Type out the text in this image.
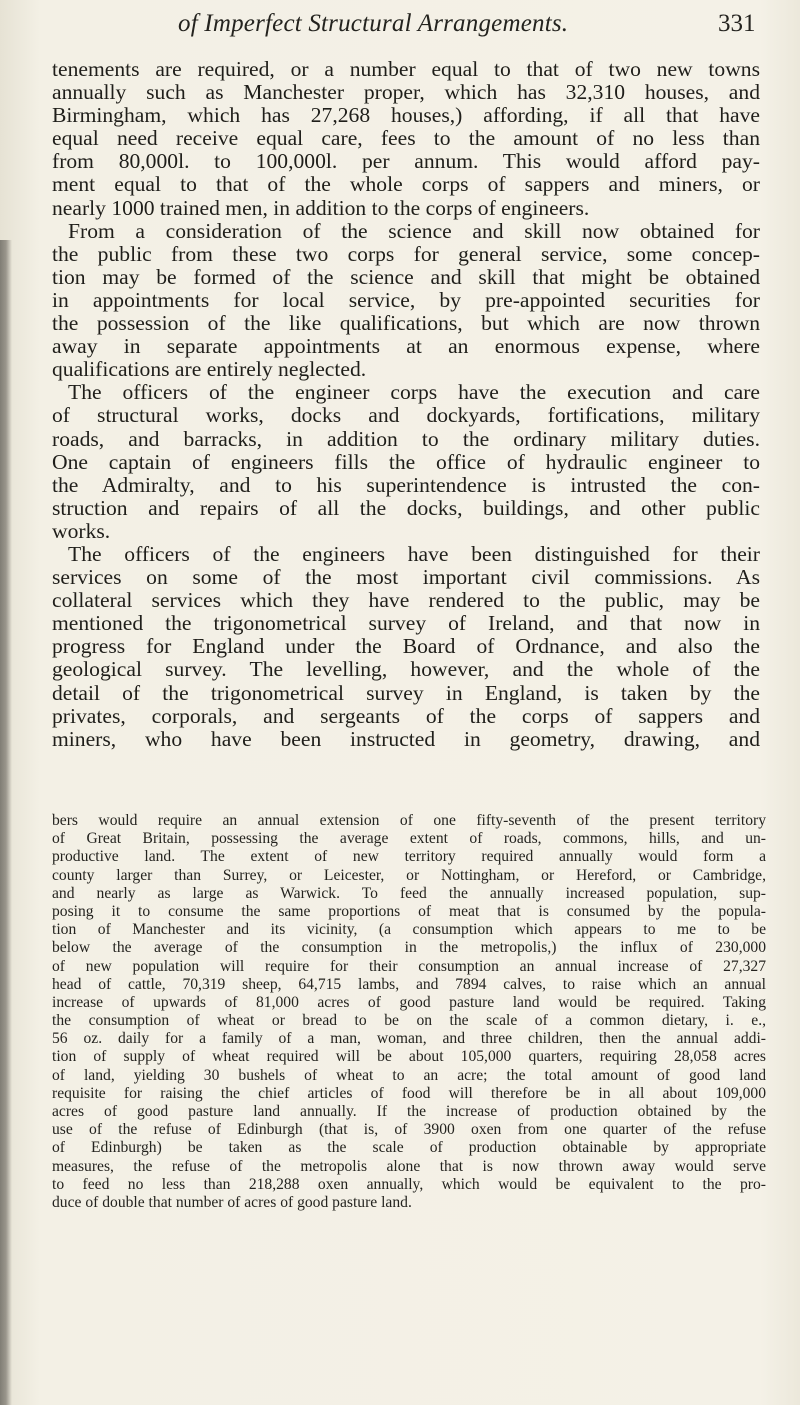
of Imperfect Structural Arrangements.	331
tenements are required, or a number equal to that of two new towns
annually such as Manchester proper, which has 32,310 houses, and
Birmingham, which has 27,268 houses,) affording, if all that have
equal need receive equal care, fees to the amount of no less than
from 80,000l. to 100,000l. per annum. This would afford pay-
ment equal to that of the whole corps of sappers and miners, or
nearly 1000 trained men, in addition to the corps of engineers.
From a consideration of the science and skill now obtained for
the public from these two corps for general service, some concep-
tion may be formed of the science and skill that might be obtained
in appointments for local service, by pre-appointed securities for
the possession of the like qualifications, but which are now thrown
away in separate appointments at an enormous expense, where
qualifications are entirely neglected.
The officers of the engineer corps have the execution and care
of structural works, docks and dockyards, fortifications, military
roads, and barracks, in addition to the ordinary military duties.
One captain of engineers fills the office of hydraulic engineer to
the Admiralty, and to his superintendence is intrusted the con-
struction and repairs of all the docks, buildings, and other public
works.
The officers of the engineers have been distinguished for their
services on some of the most important civil commissions. As
collateral services which they have rendered to the public, may be
mentioned the trigonometrical survey of Ireland, and that now in
progress for England under the Board of Ordnance, and also the
geological survey. The levelling, however, and the whole of the
detail of the trigonometrical survey in England, is taken by the
privates, corporals, and sergeants of the corps of sappers and
miners, who have been instructed in geometry, drawing, and
bers would require an annual extension of one fifty-seventh of the present territory
of Great Britain, possessing the average extent of roads, commons, hills, and un-
productive land. The extent of new territory required annually would form a
county larger than Surrey, or Leicester, or Nottingham, or Hereford, or Cambridge,
and nearly as large as Warwick. To feed the annually increased population, sup-
posing it to consume the same proportions of meat that is consumed by the popula-
tion of Manchester and its vicinity, (a consumption which appears to me to be
below the average of the consumption in the metropolis,) the influx of 230,000
of new population will require for their consumption an annual increase of 27,327
head of cattle, 70,319 sheep, 64,715 lambs, and 7894 calves, to raise which an annual
increase of upwards of 81,000 acres of good pasture land would be required. Taking
the consumption of wheat or bread to be on the scale of a common dietary, i. e.,
56 oz. daily for a family of a man, woman, and three children, then the annual addi-
tion of supply of wheat required will be about 105,000 quarters, requiring 28,058 acres
of land, yielding 30 bushels of wheat to an acre; the total amount of good land
requisite for raising the chief articles of food will therefore be in all about 109,000
acres of good pasture land annually. If the increase of production obtained by the
use of the refuse of Edinburgh (that is, of 3900 oxen from one quarter of the refuse
of Edinburgh) be taken as the scale of production obtainable by appropriate
measures, the refuse of the metropolis alone that is now thrown away would serve
to feed no less than 218,288 oxen annually, which would be equivalent to the pro-
duce of double that number of acres of good pasture land.
